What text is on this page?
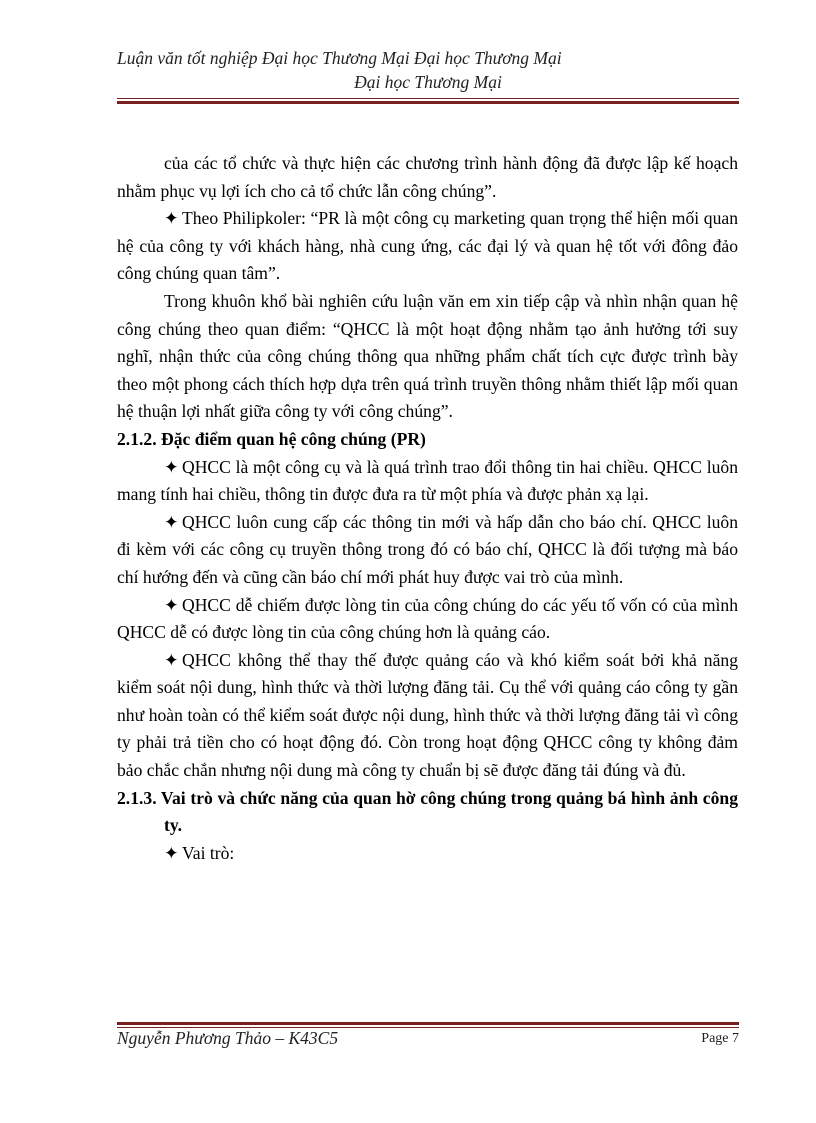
Luận văn tốt nghiệp Đại học Thương Mại Đại học Thương Mại
Đại học Thương Mại

của các tổ chức và thực hiện các chương trình hành động đã được lập kế hoạch nhằm phục vụ lợi ích cho cả tổ chức lẫn công chúng”.

✦ Theo Philipkoler: “PR là một công cụ marketing quan trọng thể hiện mối quan hệ của công ty với khách hàng, nhà cung ứng, các đại lý và quan hệ tốt với đông đảo công chúng quan tâm”.

Trong khuôn khổ bài nghiên cứu luận văn em xin tiếp cập và nhìn nhận quan hệ công chúng theo quan điểm: “QHCC là một hoạt động nhằm tạo ảnh hưởng tới suy nghĩ, nhận thức của công chúng thông qua những phẩm chất tích cực được trình bày theo một phong cách thích hợp dựa trên quá trình truyền thông nhằm thiết lập mối quan hệ thuận lợi nhất giữa công ty với công chúng”.

2.1.2. Đặc điểm quan hệ công chúng (PR)

✦ QHCC là một công cụ và là quá trình trao đổi thông tin hai chiều. QHCC luôn mang tính hai chiều, thông tin được đưa ra từ một phía và được phản xạ lại.

✦ QHCC luôn cung cấp các thông tin mới và hấp dẫn cho báo chí. QHCC luôn đi kèm với các công cụ truyền thông trong đó có báo chí, QHCC là đối tượng mà báo chí hướng đến và cũng cần báo chí mới phát huy được vai trò của mình.

✦ QHCC dễ chiếm được lòng tin của công chúng do các yếu tố vốn có của mình QHCC dễ có được lòng tin của công chúng hơn là quảng cáo.

✦ QHCC không thể thay thế được quảng cáo và khó kiểm soát bởi khả năng kiểm soát nội dung, hình thức và thời lượng đăng tải. Cụ thể với quảng cáo công ty gần như hoàn toàn có thể kiểm soát được nội dung, hình thức và thời lượng đăng tải vì công ty phải trả tiền cho có hoạt động đó. Còn trong hoạt động QHCC công ty không đảm bảo chắc chắn nhưng nội dung mà công ty chuẩn bị sẽ được đăng tải đúng và đủ.

2.1.3. Vai trò và chức năng của quan hờ công chúng trong quảng bá hình ảnh công ty.

✦ Vai trò:

Nguyễn Phương Thảo – K43C5	Page 7
